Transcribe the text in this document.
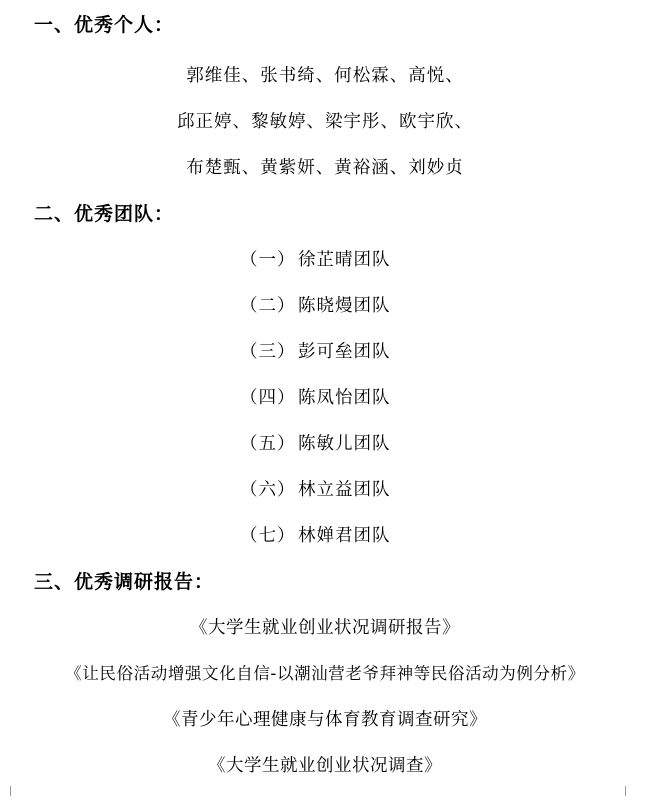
一、优秀个人：
郭维佳、张书绮、何松霖、高悦、
邱正婷、黎敏婷、梁宇彤、欧宇欣、
布楚甄、黄紫妍、黄裕涵、刘妙贞
二、优秀团队：
（一） 徐芷晴团队
（二） 陈晓熳团队
（三） 彭可垒团队
（四） 陈凤怡团队
（五） 陈敏儿团队
（六） 林立益团队
（七） 林婵君团队
三、优秀调研报告：
《大学生就业创业状况调研报告》
《让民俗活动增强文化自信-以潮汕营老爷拜神等民俗活动为例分析》
《青少年心理健康与体育教育调查研究》
《大学生就业创业状况调查》
